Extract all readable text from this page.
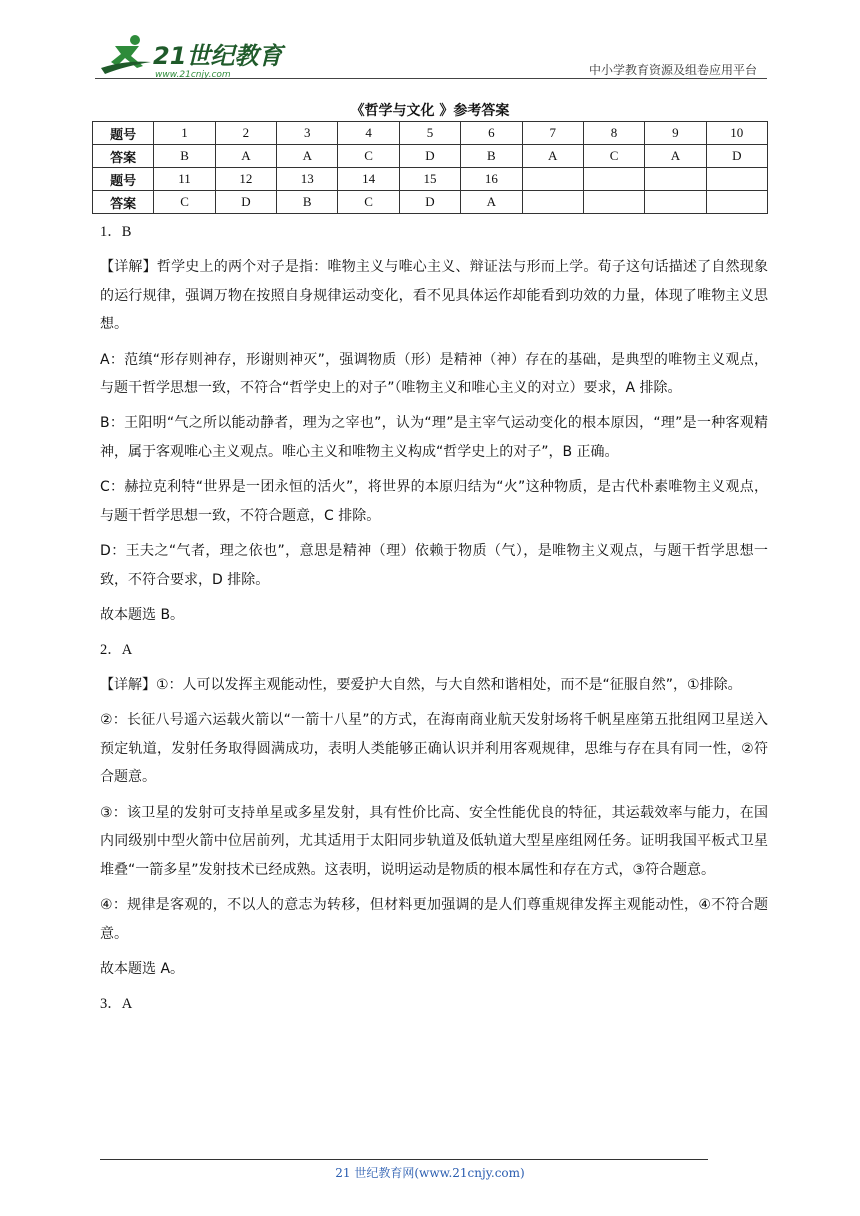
21世纪教育
www.21cnjy.com	中小学教育资源及组卷应用平台
《哲学与文化 》参考答案
题号	1	2	3	4	5	6	7	8	9	10
答案	B	A	A	C	D	B	A	C	A	D
题号	11	12	13	14	15	16				
答案	C	D	B	C	D	A				
1．B
【详解】哲学史上的两个对子是指：唯物主义与唯心主义、辩证法与形而上学。荀子这句话描述了自然现象的运行规律，强调万物在按照自身规律运动变化，看不见具体运作却能看到功效的力量，体现了唯物主义思想。
A：范缜“形存则神存，形谢则神灭”，强调物质（形）是精神（神）存在的基础，是典型的唯物主义观点，与题干哲学思想一致，不符合“哲学史上的对子”（唯物主义和唯心主义的对立）要求，A 排除。
B：王阳明“气之所以能动静者，理为之宰也”，认为“理”是主宰气运动变化的根本原因，“理”是一种客观精神，属于客观唯心主义观点。唯心主义和唯物主义构成“哲学史上的对子”，B 正确。
C：赫拉克利特“世界是一团永恒的活火”，将世界的本原归结为“火”这种物质，是古代朴素唯物主义观点，与题干哲学思想一致，不符合题意，C 排除。
D：王夫之“气者，理之依也”，意思是精神（理）依赖于物质（气），是唯物主义观点，与题干哲学思想一致，不符合要求，D 排除。
故本题选 B。
2．A
【详解】①：人可以发挥主观能动性，要爱护大自然，与大自然和谐相处，而不是“征服自然”，①排除。
②：长征八号遥六运载火箭以“一箭十八星”的方式，在海南商业航天发射场将千帆星座第五批组网卫星送入预定轨道，发射任务取得圆满成功，表明人类能够正确认识并利用客观规律，思维与存在具有同一性，②符合题意。
③：该卫星的发射可支持单星或多星发射，具有性价比高、安全性能优良的特征，其运载效率与能力，在国内同级别中型火箭中位居前列，尤其适用于太阳同步轨道及低轨道大型星座组网任务。证明我国平板式卫星堆叠“一箭多星”发射技术已经成熟。这表明，说明运动是物质的根本属性和存在方式，③符合题意。
④：规律是客观的，不以人的意志为转移，但材料更加强调的是人们尊重规律发挥主观能动性，④不符合题意。
故本题选 A。
3．A
21 世纪教育网(www.21cnjy.com)
